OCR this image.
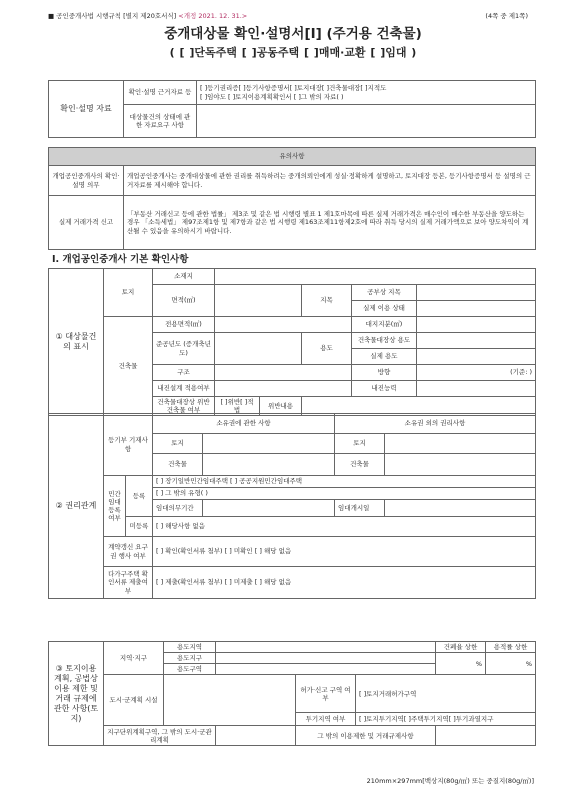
■ 공인중개사법 시행규칙 [별지 제20호서식] <개정 2021. 12. 31.>	(4쪽 중 제1쪽)
중개대상물 확인·설명서[Ⅰ] (주거용 건축물)
( [ ]단독주택 [ ]공동주택 [ ]매매·교환 [ ]임대 )
확인·설명 자료	확인·설명 근거자료 등	[ ]등기권리증[ ]등기사항증명서[ ]토지대장[ ]건축물대장[ ]지적도
[ ]임야도 [ ]토지이용계획확인서 [ ]그 밖의 자료( )

	대상물건의 상태에 관한 자료요구 사항	
유의사항	
개업공인중개사의 확인·설명 의무	개업공인중개사는 중개대상물에 관한 권리를 취득하려는 중개의뢰인에게 성실·정확하게 설명하고, 토지대장 등본, 등기사항증명서 등 설명의 근거자료를 제시해야 합니다.
실제 거래가격 신고	「부동산 거래신고 등에 관한 법률」 제3조 및 같은 법 시행령 별표 1 제1호마목에 따른 실제 거래가격은 매수인이 매수한 부동산을 양도하는 경우 「소득세법」 제97조제1항 및 제7항과 같은 법 시행령 제163조제11항제2호에 따라 취득 당시의 실제 거래가액으로 보아 양도차익이 계산될 수 있음을 유의하시기 바랍니다.
Ⅰ. 개업공인중개사 기본 확인사항
① 대상물건의 표시	토지	소재지					
		면적(㎡)			지목	공부상 지목	
						실제 이용 상태	
	건축물	전용면적(㎡)				대지지분(㎡)	
		준공년도 (증개축년도)			용도	건축물대장상 용도	
						실제 용도	
		구조				방향	(기준: )
		내진설계 적용여부				내진능력	
		건축물대장상 위반건축물 여부	[ ]위반[ ]적법	위반내용			
② 권리관계	등기부 기재사항		소유권에 관한 사항		소유권 외의 권리사항	
			토지		토지	
			건축물		건축물	
	민간 임대 등록 여부	등록	[ ] 장기일반민간임대주택 [ ] 공공지원민간임대주택			
			[ ] 그 밖의 유형( )			
			임대의무기간		임대개시일	
		미등록	[ ] 해당사항 없음			
	계약갱신 요구권 행사 여부		[ ] 확인(확인서류 첨부) [ ] 미확인 [ ] 해당 없음			
	다가구주택 확인서류 제출여부		[ ] 제출(확인서류 첨부) [ ] 미제출 [ ] 해당 없음			
③ 토지이용계획, 공법상 이용 제한 및 거래 규제에 관한 사항(토지)	지역·지구	용도지역				건폐율 상한	용적률 상한
		용도지구				%	%
		용도구역					
	도시·군계획 시설			허가·신고 구역 여부	[ ]토지거래허가구역		
				투기지역 여부	[ ]토지투기지역[ ]주택투기지역[ ]투기과열지구		
	지구단위계획구역, 그 밖의 도시·군관리계획			그 밖의 이용제한 및 거래규제사항			
210mm×297mm[백상지(80g/㎡) 또는 중질지(80g/㎡)]
